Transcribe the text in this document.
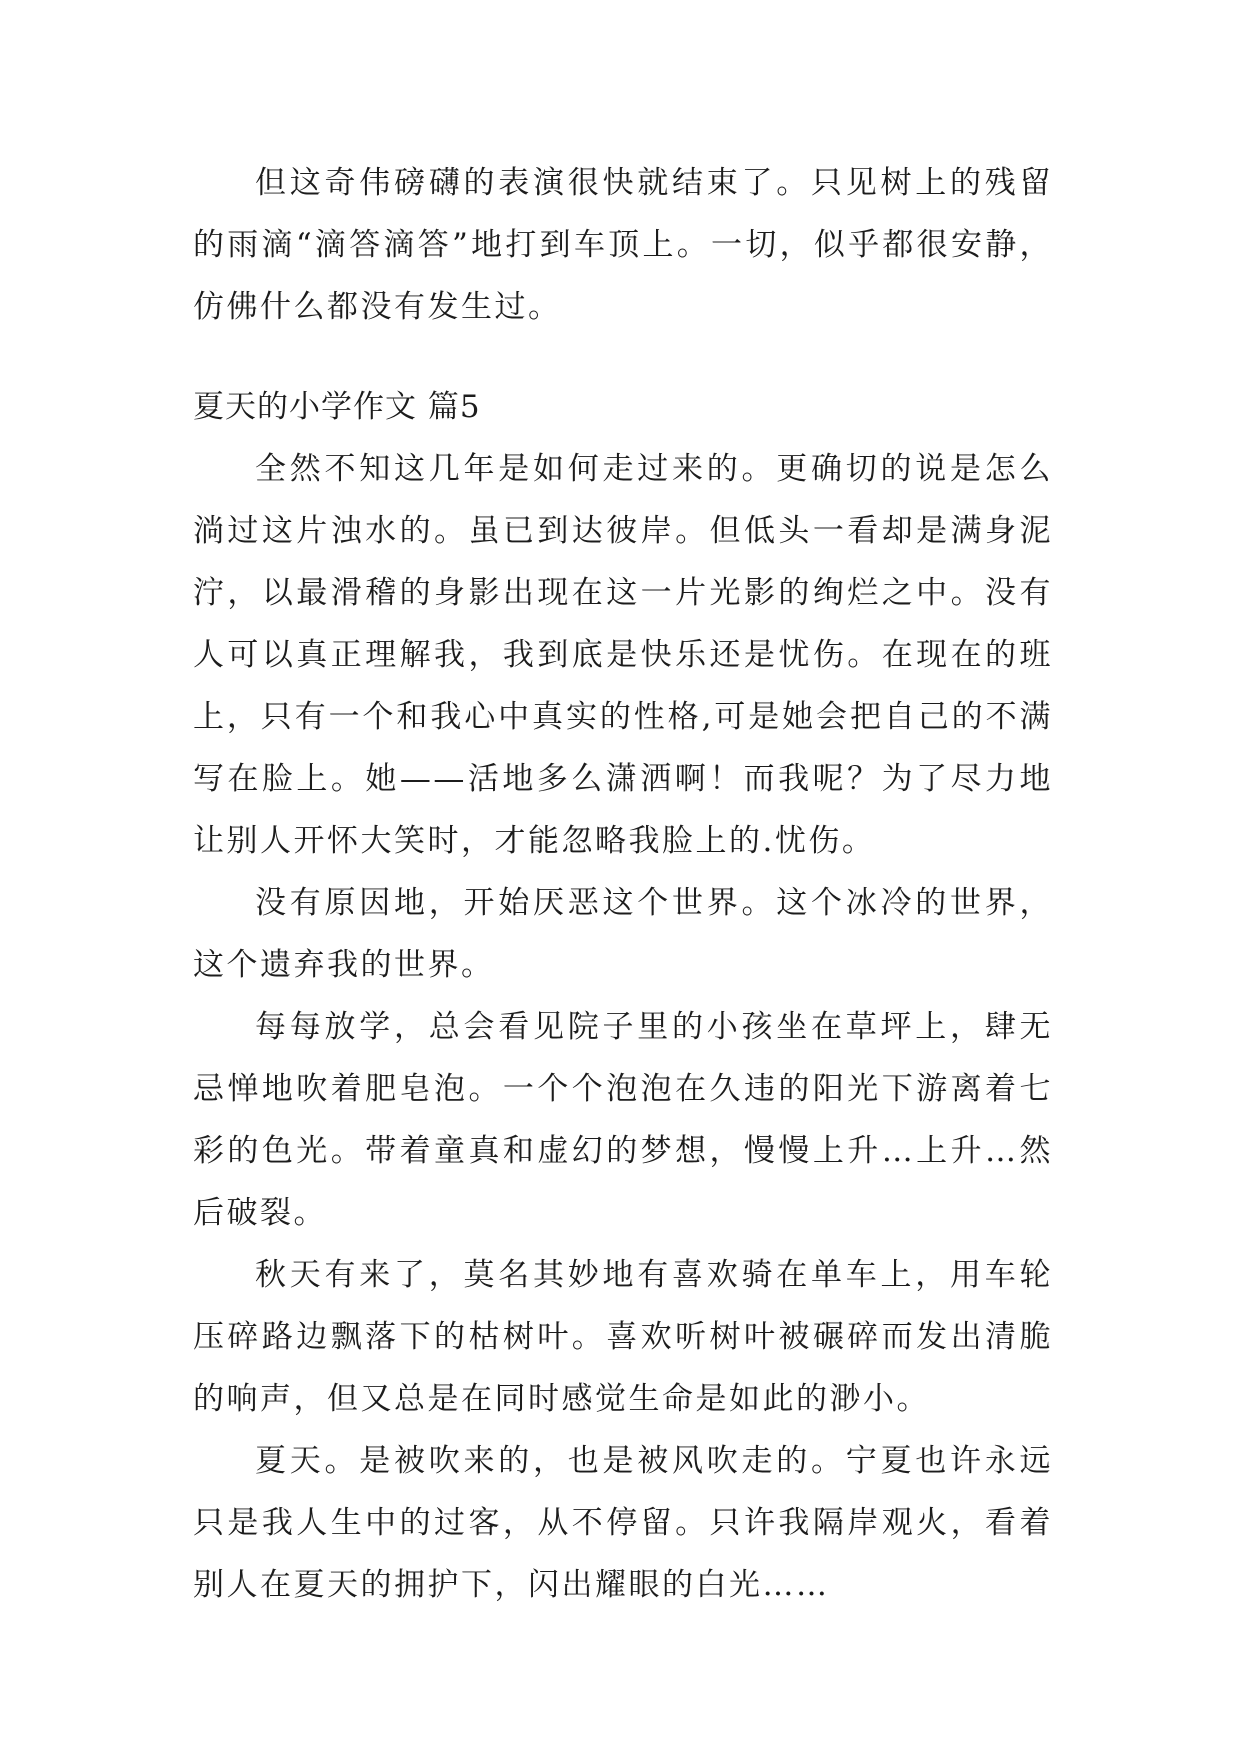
但这奇伟磅礴的表演很快就结束了。只见树上的残留的雨滴“滴答滴答”地打到车顶上。一切，似乎都很安静，仿佛什么都没有发生过。

夏天的小学作文 篇5

全然不知这几年是如何走过来的。更确切的说是怎么淌过这片浊水的。虽已到达彼岸。但低头一看却是满身泥泞，以最滑稽的身影出现在这一片光影的绚烂之中。没有人可以真正理解我，我到底是快乐还是忧伤。在现在的班上，只有一个和我心中真实的性格,可是她会把自己的不满写在脸上。她——活地多么潇洒啊！而我呢？为了尽力地让别人开怀大笑时，才能忽略我脸上的.忧伤。

没有原因地，开始厌恶这个世界。这个冰冷的世界，这个遗弃我的世界。

每每放学，总会看见院子里的小孩坐在草坪上，肆无忌惮地吹着肥皂泡。一个个泡泡在久违的阳光下游离着七彩的色光。带着童真和虚幻的梦想，慢慢上升…上升…然后破裂。

秋天有来了，莫名其妙地有喜欢骑在单车上，用车轮压碎路边飘落下的枯树叶。喜欢听树叶被碾碎而发出清脆的响声，但又总是在同时感觉生命是如此的渺小。

夏天。是被吹来的，也是被风吹走的。宁夏也许永远只是我人生中的过客，从不停留。只许我隔岸观火，看着别人在夏天的拥护下，闪出耀眼的白光……
